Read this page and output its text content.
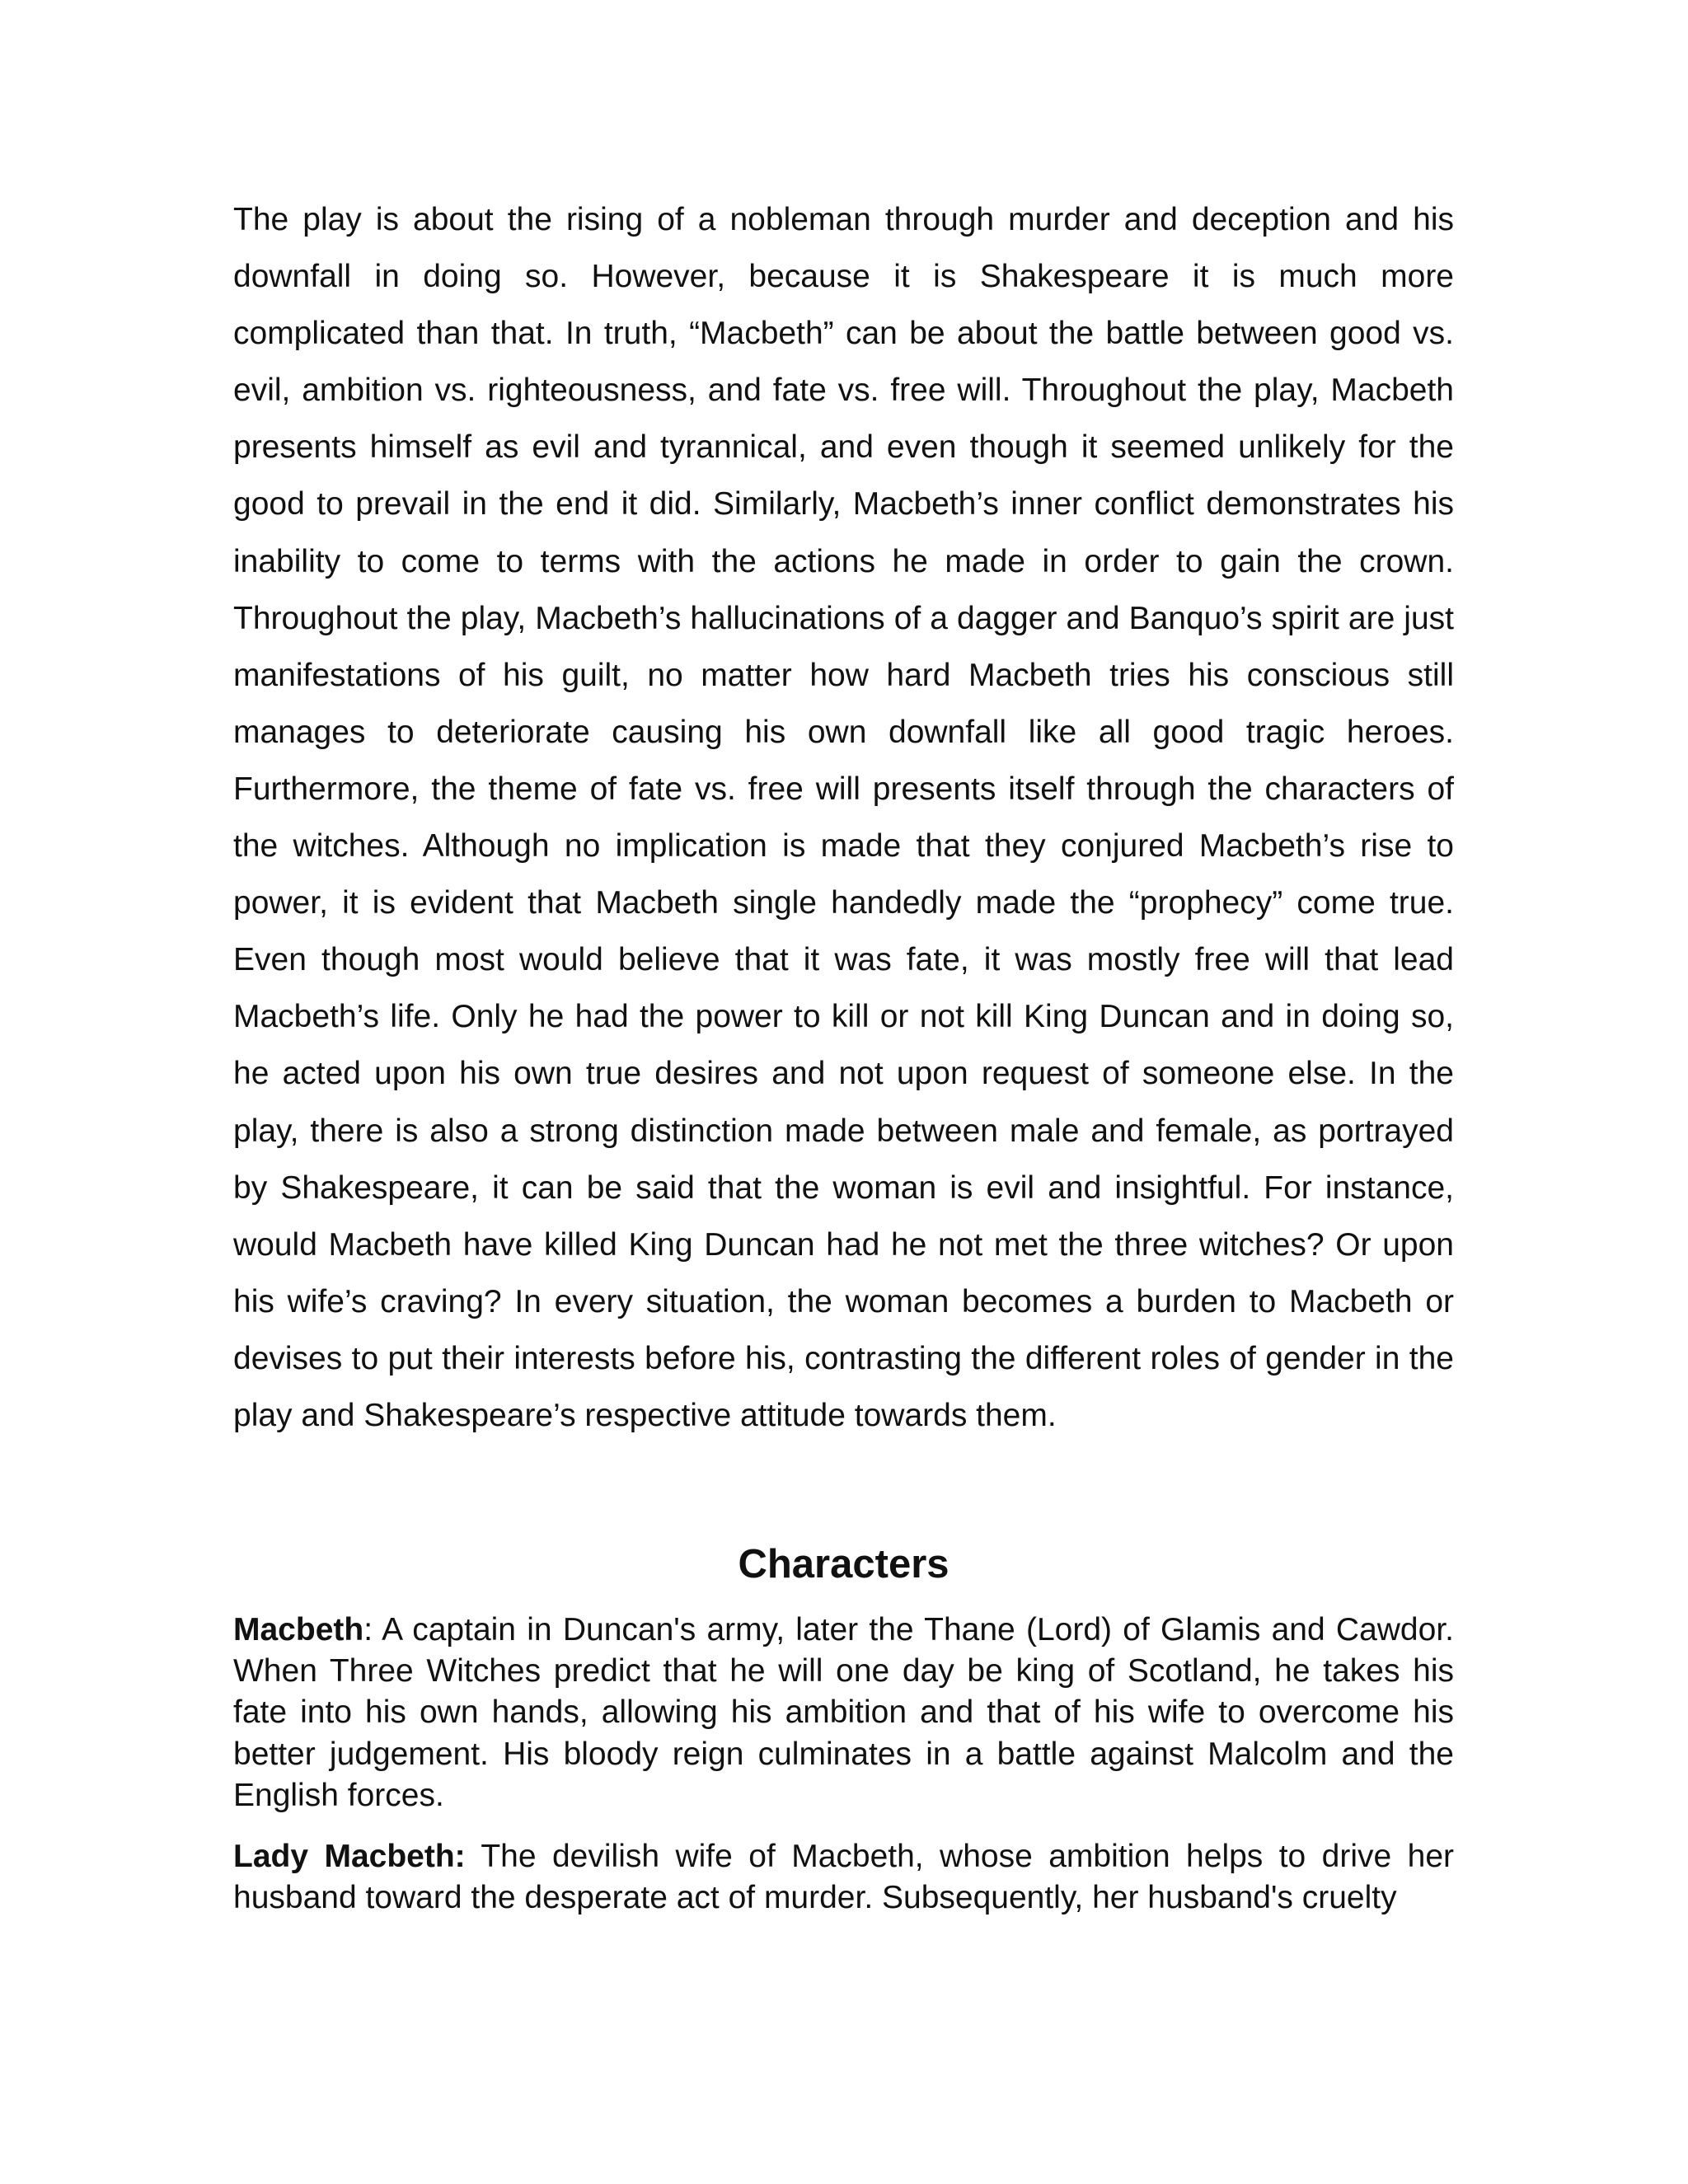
The play is about the rising of a nobleman through murder and deception and his downfall in doing so. However, because it is Shakespeare it is much more complicated than that. In truth, “Macbeth” can be about the battle between good vs. evil, ambition vs. righteousness, and fate vs. free will. Throughout the play, Macbeth presents himself as evil and tyrannical, and even though it seemed unlikely for the good to prevail in the end it did. Similarly, Macbeth’s inner conflict demonstrates his inability to come to terms with the actions he made in order to gain the crown. Throughout the play, Macbeth’s hallucinations of a dagger and Banquo’s spirit are just manifestations of his guilt, no matter how hard Macbeth tries his conscious still manages to deteriorate causing his own downfall like all good tragic heroes. Furthermore, the theme of fate vs. free will presents itself through the characters of the witches. Although no implication is made that they conjured Macbeth’s rise to power, it is evident that Macbeth single handedly made the “prophecy” come true. Even though most would believe that it was fate, it was mostly free will that lead Macbeth’s life. Only he had the power to kill or not kill King Duncan and in doing so, he acted upon his own true desires and not upon request of someone else. In the play, there is also a strong distinction made between male and female, as portrayed by Shakespeare, it can be said that the woman is evil and insightful. For instance, would Macbeth have killed King Duncan had he not met the three witches? Or upon his wife’s craving? In every situation, the woman becomes a burden to Macbeth or devises to put their interests before his, contrasting the different roles of gender in the play and Shakespeare’s respective attitude towards them.

Characters

Macbeth: A captain in Duncan's army, later the Thane (Lord) of Glamis and Cawdor. When Three Witches predict that he will one day be king of Scotland, he takes his fate into his own hands, allowing his ambition and that of his wife to overcome his better judgement. His bloody reign culminates in a battle against Malcolm and the English forces.

Lady Macbeth: The devilish wife of Macbeth, whose ambition helps to drive her husband toward the desperate act of murder. Subsequently, her husband's cruelty
